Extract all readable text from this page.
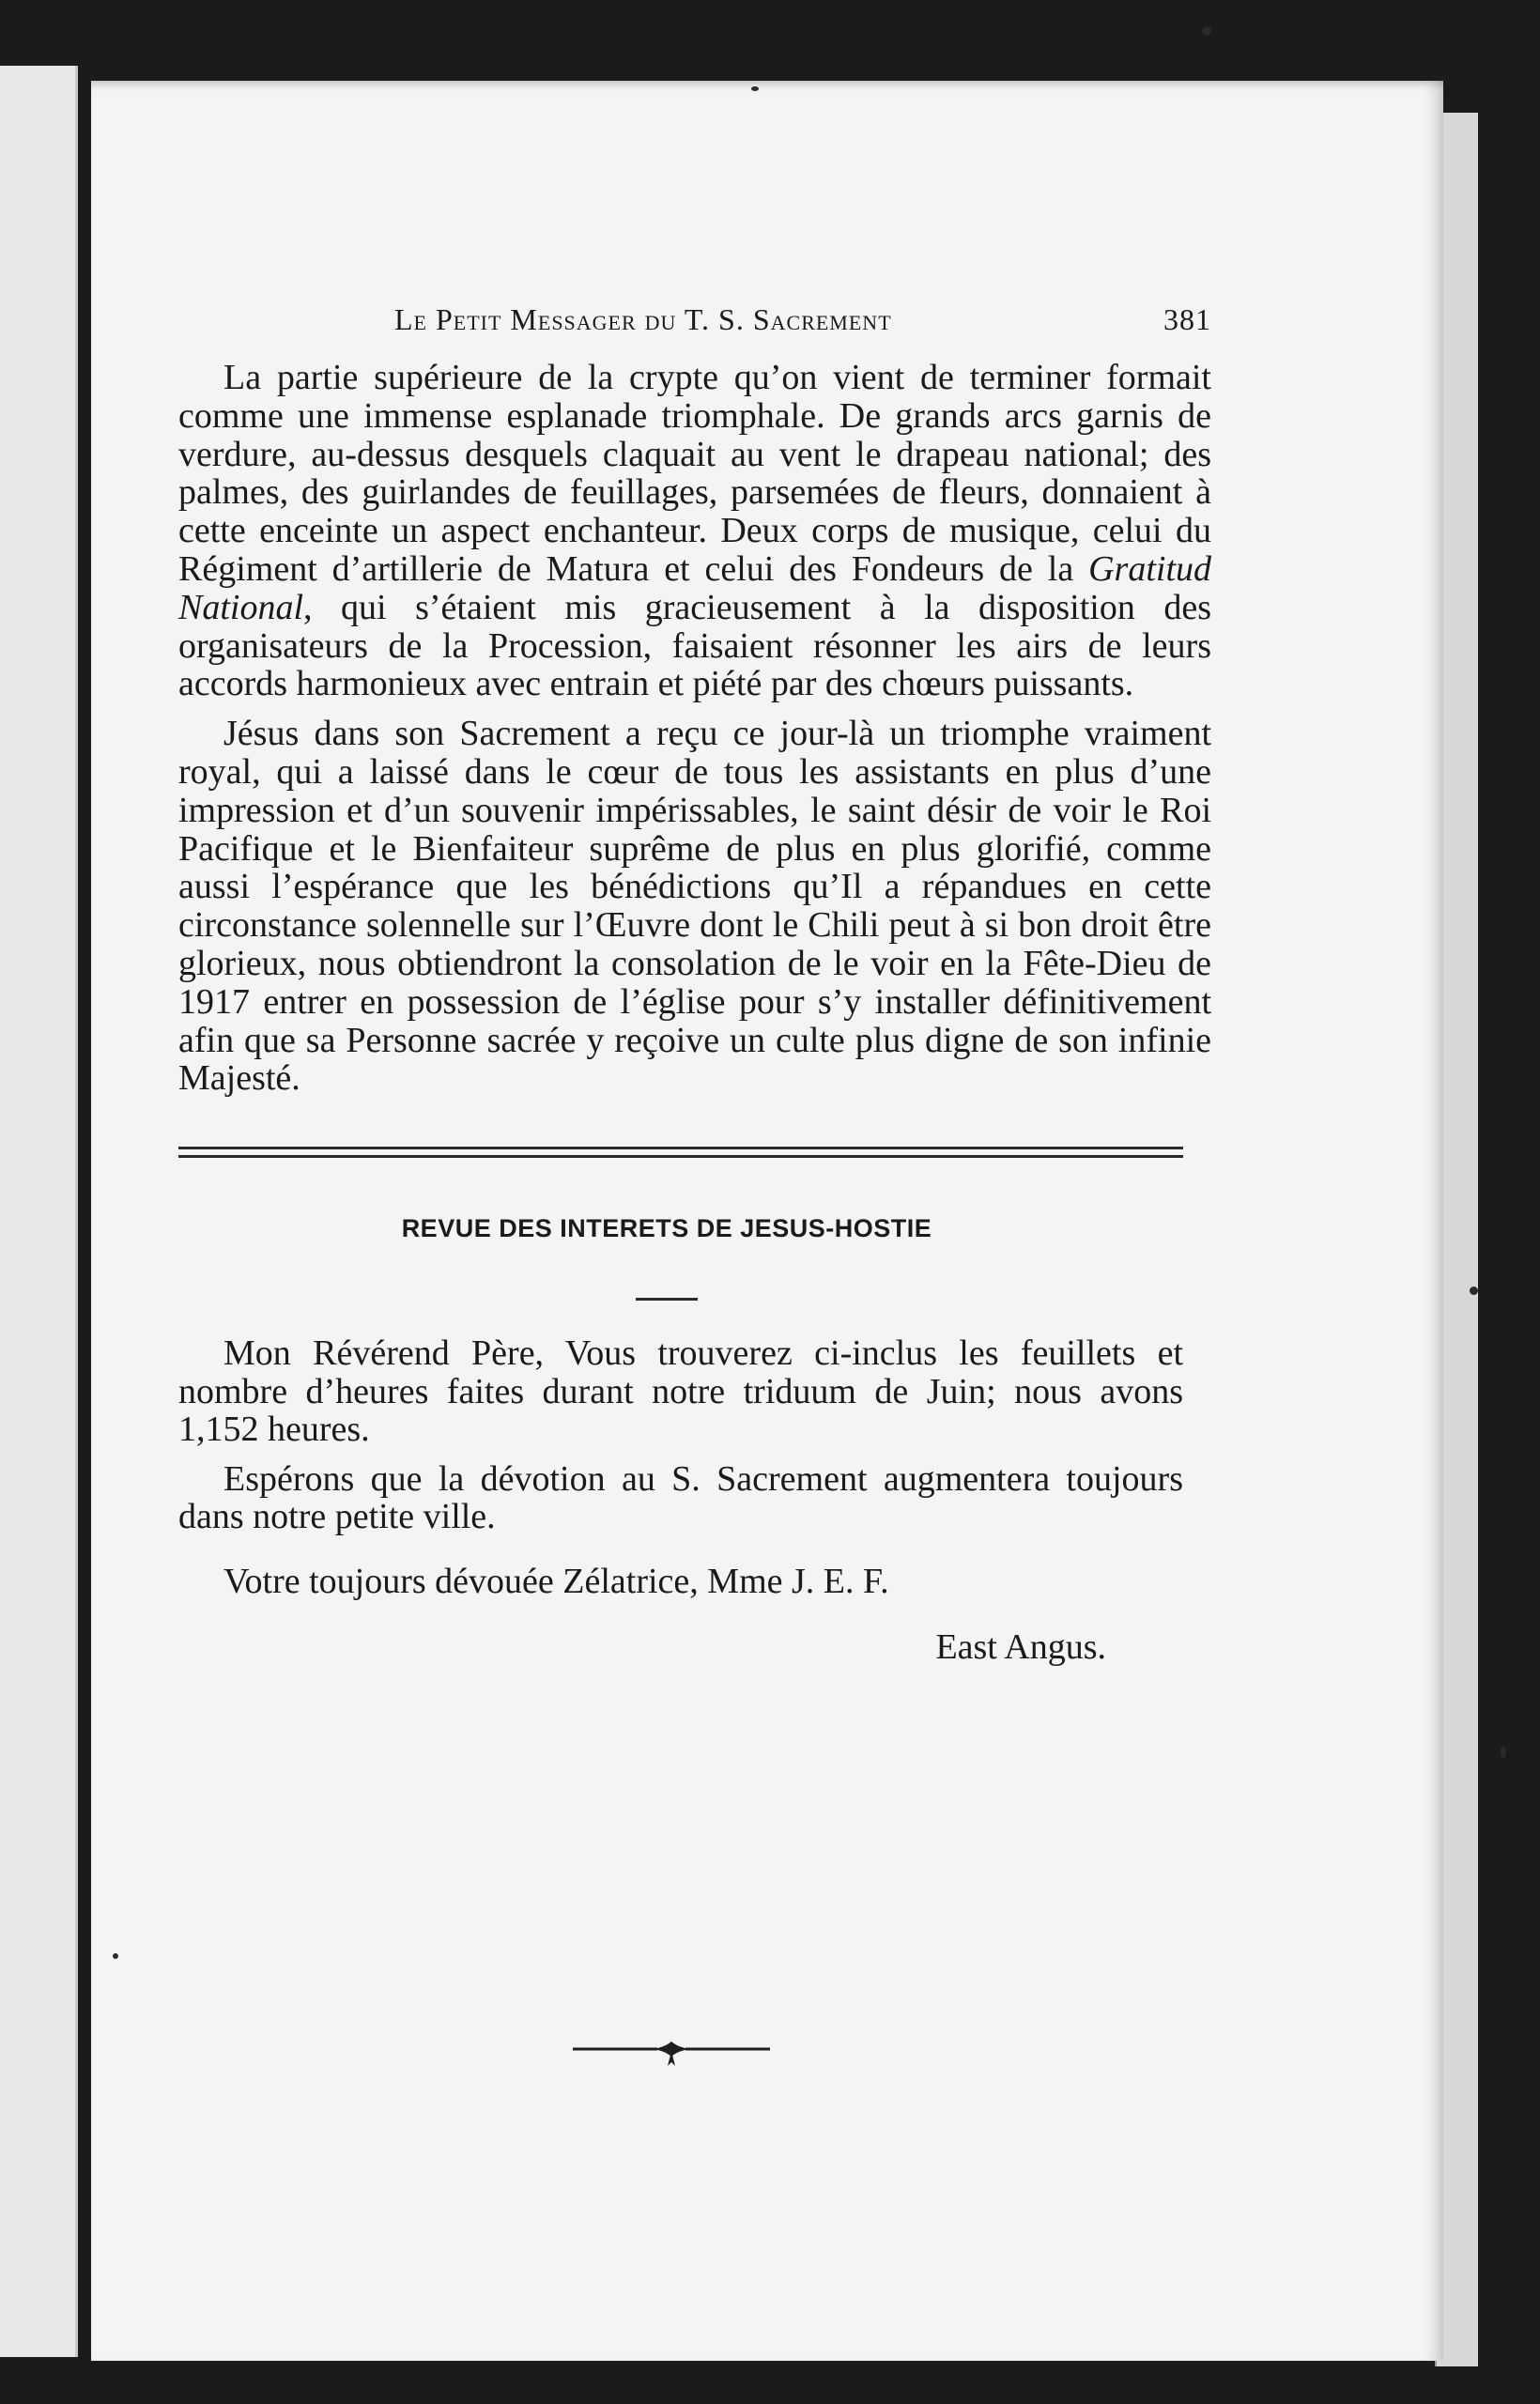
Le Petit Messager du T. S. Sacrement	381

La partie supérieure de la crypte qu’on vient de terminer formait comme une immense esplanade triomphale. De grands arcs garnis de verdure, au-dessus desquels claquait au vent le drapeau national; des palmes, des guirlandes de feuillages, parsemées de fleurs, donnaient à cette enceinte un aspect enchanteur. Deux corps de musique, celui du Régiment d’artillerie de Matura et celui des Fondeurs de la Gratitud National, qui s’étaient mis gracieusement à la disposition des organisateurs de la Procession, faisaient résonner les airs de leurs accords harmonieux avec entrain et piété par des chœurs puissants.

Jésus dans son Sacrement a reçu ce jour-là un triomphe vraiment royal, qui a laissé dans le cœur de tous les assistants en plus d’une impression et d’un souvenir impérissables, le saint désir de voir le Roi Pacifique et le Bienfaiteur suprême de plus en plus glorifié, comme aussi l’espérance que les bénédictions qu’Il a répandues en cette circonstance solennelle sur l’Œuvre dont le Chili peut à si bon droit être glorieux, nous obtiendront la consolation de le voir en la Fête-Dieu de 1917 entrer en possession de l’église pour s’y installer définitivement afin que sa Personne sacrée y reçoive un culte plus digne de son infinie Majesté.

REVUE DES INTERETS DE JESUS-HOSTIE

Mon Révérend Père, Vous trouverez ci-inclus les feuillets et nombre d’heures faites durant notre triduum de Juin; nous avons 1,152 heures.

Espérons que la dévotion au S. Sacrement augmentera toujours dans notre petite ville.

Votre toujours dévouée Zélatrice, Mme J. E. F.

East Angus.
